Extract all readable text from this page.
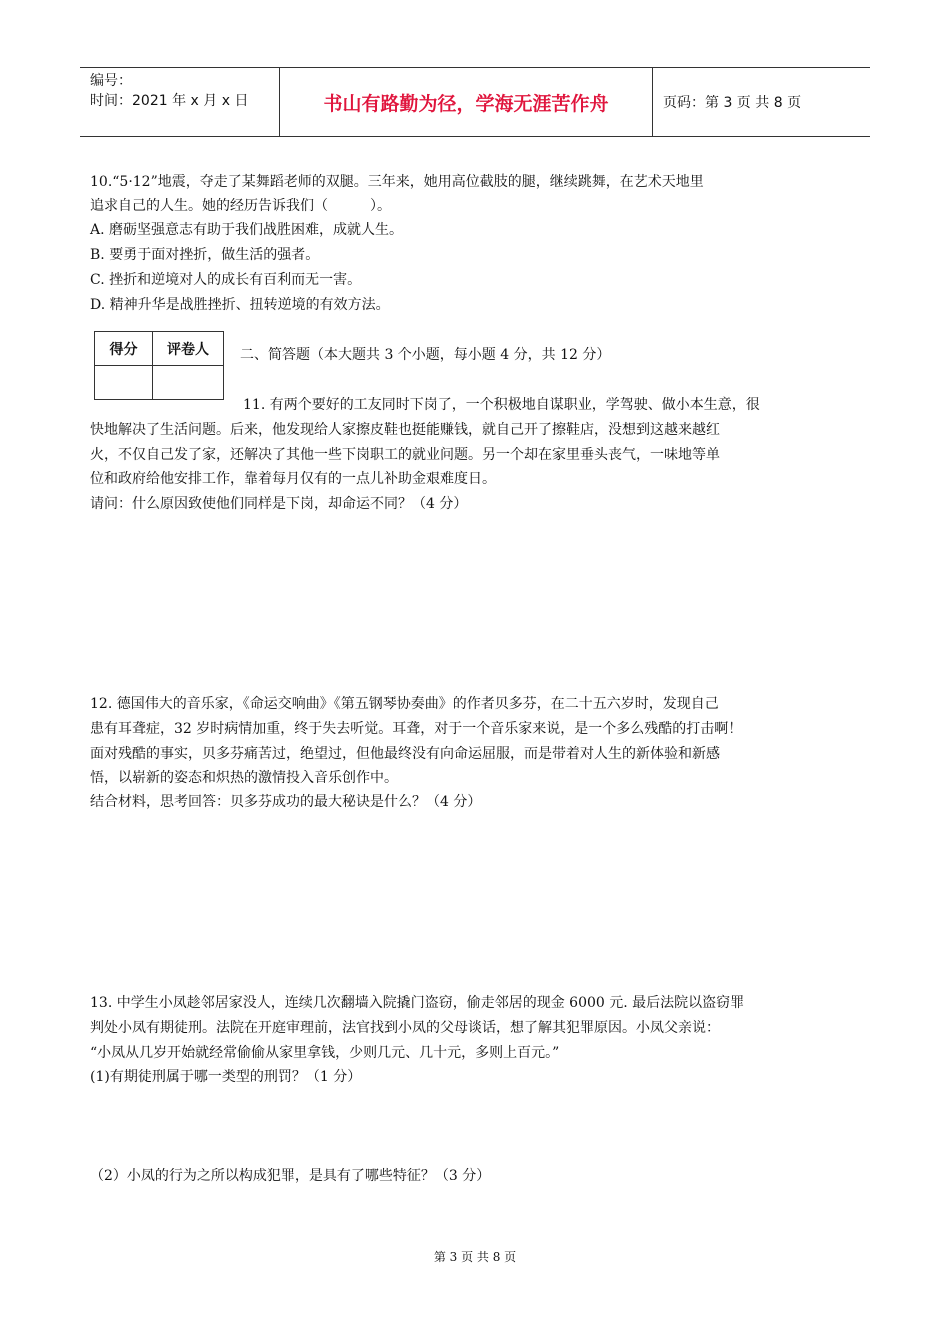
编号：
时间：2021 年 x 月 x 日	书山有路勤为径，学海无涯苦作舟	页码：第 3 页 共 8 页
10.“5·12”地震，夺走了某舞蹈老师的双腿。三年来，她用高位截肢的腿，继续跳舞，在艺术天地里
追求自己的人生。她的经历告诉我们（　　　）。
A. 磨砺坚强意志有助于我们战胜困难，成就人生。
B. 要勇于面对挫折，做生活的强者。
C. 挫折和逆境对人的成长有百利而无一害。
D. 精神升华是战胜挫折、扭转逆境的有效方法。
得分	评卷人
	二、简答题（本大题共 3 个小题，每小题 4 分，共 12 分）
11. 有两个要好的工友同时下岗了，一个积极地自谋职业，学驾驶、做小本生意，很
快地解决了生活问题。后来，他发现给人家擦皮鞋也挺能赚钱，就自己开了擦鞋店，没想到这越来越红
火，不仅自己发了家，还解决了其他一些下岗职工的就业问题。另一个却在家里垂头丧气，一味地等单
位和政府给他安排工作，靠着每月仅有的一点儿补助金艰难度日。
请问：什么原因致使他们同样是下岗，却命运不同？（4 分）
12. 德国伟大的音乐家，《命运交响曲》《第五钢琴协奏曲》的作者贝多芬，在二十五六岁时，发现自己
患有耳聋症，32 岁时病情加重，终于失去听觉。耳聋，对于一个音乐家来说，是一个多么残酷的打击啊！
面对残酷的事实，贝多芬痛苦过，绝望过，但他最终没有向命运屈服，而是带着对人生的新体验和新感
悟，以崭新的姿态和炽热的激情投入音乐创作中。
结合材料，思考回答：贝多芬成功的最大秘诀是什么？（4 分）
13. 中学生小凤趁邻居家没人，连续几次翻墙入院撬门盗窃，偷走邻居的现金 6000 元. 最后法院以盗窃罪
判处小凤有期徒刑。法院在开庭审理前，法官找到小凤的父母谈话，想了解其犯罪原因。小凤父亲说：
“小凤从几岁开始就经常偷偷从家里拿钱，少则几元、几十元，多则上百元。”
(1)有期徒刑属于哪一类型的刑罚？（1 分）
（2）小凤的行为之所以构成犯罪，是具有了哪些特征？（3 分）
第 3 页 共 8 页
